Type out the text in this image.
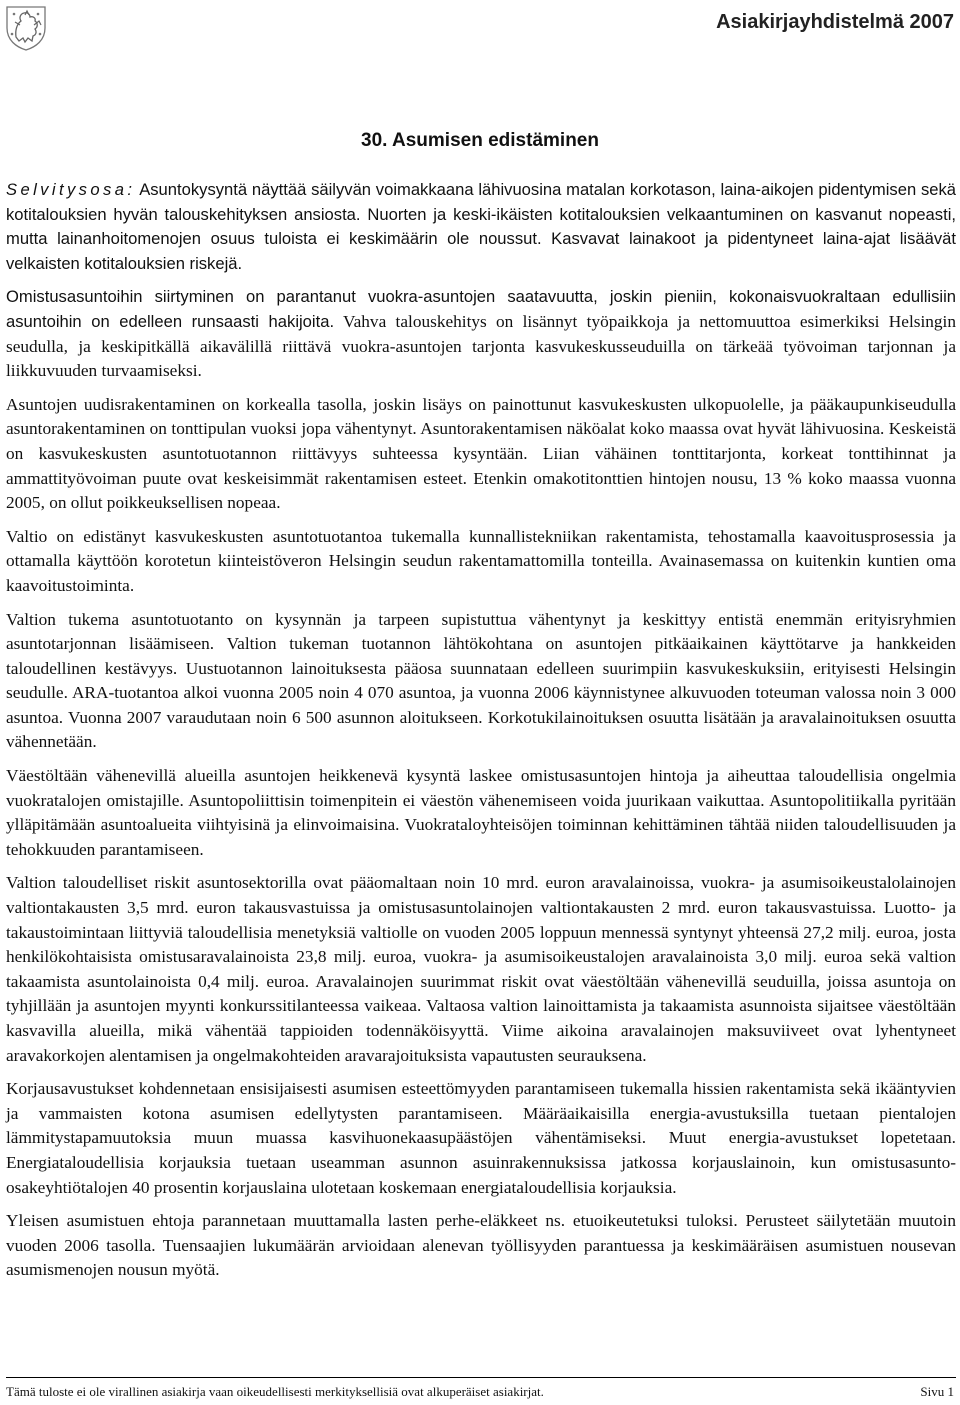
Asiakirjayhdistelmä 2007
30. Asumisen edistäminen

Selvitysosa: Asuntokysyntä näyttää säilyvän voimakkaana lähivuosina matalan korkotason, laina-aikojen pidentymisen sekä kotitalouksien hyvän talouskehityksen ansiosta. Nuorten ja keski-ikäisten kotitalouksien velkaantuminen on kasvanut nopeasti, mutta lainanhoitomenojen osuus tuloista ei keskimäärin ole noussut. Kasvavat lainakoot ja pidentyneet laina-ajat lisäävät velkaisten kotitalouksien riskejä.

Omistusasuntoihin siirtyminen on parantanut vuokra-asuntojen saatavuutta, joskin pieniin, kokonaisvuokraltaan edullisiin asuntoihin on edelleen runsaasti hakijoita. Vahva talouskehitys on lisännyt työpaikkoja ja nettomuuttoa esimerkiksi Helsingin seudulla, ja keskipitkällä aikavälillä riittävä vuokra-asuntojen tarjonta kasvukeskusseuduilla on tärkeää työvoiman tarjonnan ja liikkuvuuden turvaamiseksi.

Asuntojen uudisrakentaminen on korkealla tasolla, joskin lisäys on painottunut kasvukeskusten ulkopuolelle, ja pääkaupunkiseudulla asuntorakentaminen on tonttipulan vuoksi jopa vähentynyt. Asuntorakentamisen näköalat koko maassa ovat hyvät lähivuosina. Keskeistä on kasvukeskusten asuntotuotannon riittävyys suhteessa kysyntään. Liian vähäinen tonttitarjonta, korkeat tonttihinnat ja ammattityövoiman puute ovat keskeisimmät rakentamisen esteet. Etenkin omakotitonttien hintojen nousu, 13 % koko maassa vuonna 2005, on ollut poikkeuksellisen nopeaa.

Valtio on edistänyt kasvukeskusten asuntotuotantoa tukemalla kunnallistekniikan rakentamista, tehostamalla kaavoitusprosessia ja ottamalla käyttöön korotetun kiinteistöveron Helsingin seudun rakentamattomilla tonteilla. Avainasemassa on kuitenkin kuntien oma kaavoitustoiminta.

Valtion tukema asuntotuotanto on kysynnän ja tarpeen supistuttua vähentynyt ja keskittyy entistä enemmän erityisryhmien asuntotarjonnan lisäämiseen. Valtion tukeman tuotannon lähtökohtana on asuntojen pitkäaikainen käyttötarve ja hankkeiden taloudellinen kestävyys. Uustuotannon lainoituksesta pääosa suunnataan edelleen suurimpiin kasvukeskuksiin, erityisesti Helsingin seudulle. ARA-tuotantoa alkoi vuonna 2005 noin 4 070 asuntoa, ja vuonna 2006 käynnistynee alkuvuoden toteuman valossa noin 3 000 asuntoa. Vuonna 2007 varaudutaan noin 6 500 asunnon aloitukseen. Korkotukilainoituksen osuutta lisätään ja aravalainoituksen osuutta vähennetään.

Väestöltään vähenevillä alueilla asuntojen heikkenevä kysyntä laskee omistusasuntojen hintoja ja aiheuttaa taloudellisia ongelmia vuokratalojen omistajille. Asuntopoliittisin toimenpitein ei väestön vähenemiseen voida juurikaan vaikuttaa. Asuntopolitiikalla pyritään ylläpitämään asuntoalueita viihtyisinä ja elinvoimaisina. Vuokrataloyhteisöjen toiminnan kehittäminen tähtää niiden taloudellisuuden ja tehokkuuden parantamiseen.

Valtion taloudelliset riskit asuntosektorilla ovat pääomaltaan noin 10 mrd. euron aravalainoissa, vuokra- ja asumisoikeustalolainojen valtiontakausten 3,5 mrd. euron takausvastuissa ja omistusasuntolainojen valtiontakausten 2 mrd. euron takausvastuissa. Luotto- ja takaustoimintaan liittyviä taloudellisia menetyksiä valtiolle on vuoden 2005 loppuun mennessä syntynyt yhteensä 27,2 milj. euroa, josta henkilökohtaisista omistusaravalainoista 23,8 milj. euroa, vuokra- ja asumisoikeustalojen aravalainoista 3,0 milj. euroa sekä valtion takaamista asuntolainoista 0,4 milj. euroa. Aravalainojen suurimmat riskit ovat väestöltään vähenevillä seuduilla, joissa asuntoja on tyhjillään ja asuntojen myynti konkurssitilanteessa vaikeaa. Valtaosa valtion lainoittamista ja takaamista asunnoista sijaitsee väestöltään kasvavilla alueilla, mikä vähentää tappioiden todennäköisyyttä. Viime aikoina aravalainojen maksuviiveet ovat lyhentyneet aravakorkojen alentamisen ja ongelmakohteiden aravarajoituksista vapautusten seurauksena.

Korjausavustukset kohdennetaan ensisijaisesti asumisen esteettömyyden parantamiseen tukemalla hissien rakentamista sekä ikääntyvien ja vammaisten kotona asumisen edellytysten parantamiseen. Määräaikaisilla energia-avustuksilla tuetaan pientalojen lämmitystapamuutoksia muun muassa kasvihuonekaasupäästöjen vähentämiseksi. Muut energia-avustukset lopetetaan. Energiataloudellisia korjauksia tuetaan useamman asunnon asuinrakennuksissa jatkossa korjauslainoin, kun omistusasunto-osakeyhtiötalojen 40 prosentin korjauslaina ulotetaan koskemaan energiataloudellisia korjauksia.

Yleisen asumistuen ehtoja parannetaan muuttamalla lasten perhe-eläkkeet ns. etuoikeutetuksi tuloksi. Perusteet säilytetään muutoin vuoden 2006 tasolla. Tuensaajien lukumäärän arvioidaan alenevan työllisyyden parantuessa ja keskimääräisen asumistuen nousevan asumismenojen nousun myötä.

Tämä tuloste ei ole virallinen asiakirja vaan oikeudellisesti merkityksellisiä ovat alkuperäiset asiakirjat.	Sivu 1
